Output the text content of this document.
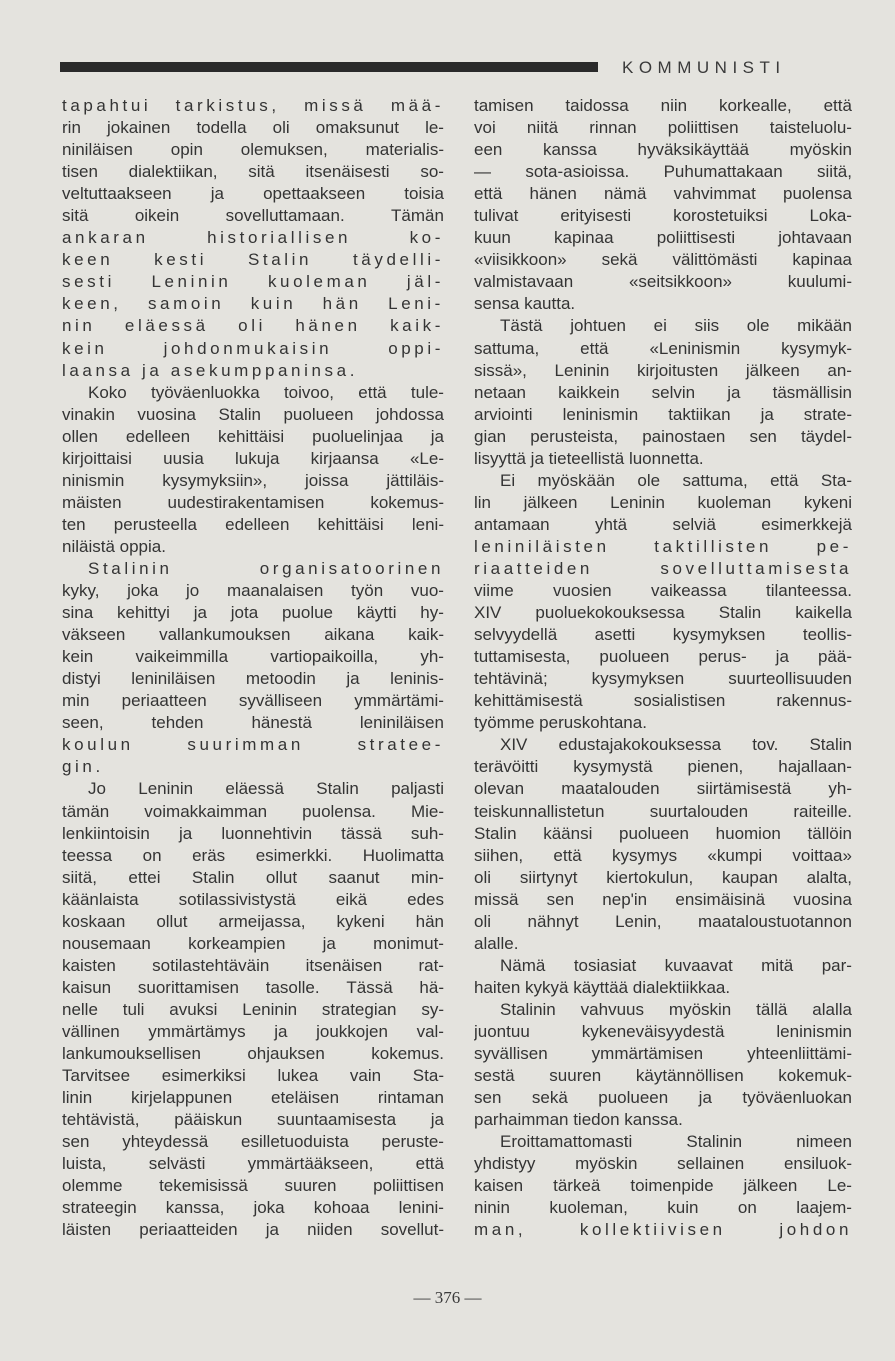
KOMMUNISTI
tapahtui tarkistus, missä mää-
rin jokainen todella oli omaksunut le-
niniläisen opin olemuksen, materialis-
tisen dialektiikan, sitä itsenäisesti so-
veltuttaakseen ja opettaakseen toisia
sitä	oikein	sovelluttamaan.	Tämän
ankaran	historiallisen	ko-
keen kesti Stalin täydelli-
sesti Leninin kuoleman jäl-
keen, samoin kuin hän Leni-
nin eläessä oli hänen kaik-
kein	johdonmukaisin	oppi-
laansa ja asekumppaninsa.
Koko työväenluokka toivoo, että tule-
vinakin vuosina Stalin puolueen johdossa
ollen edelleen kehittäisi puoluelinjaa ja
kirjoittaisi uusia lukuja kirjaansa «Le-
ninismin kysymyksiin», joissa jättiläis-
mäisten	uudestirakentamisen	kokemus-
ten perusteella edelleen kehittäisi leni-
niläistä oppia.
Stalinin	organisatoorinen
kyky, joka jo maanalaisen työn vuo-
sina kehittyi ja jota puolue käytti hy-
väkseen vallankumouksen aikana kaik-
kein vaikeimmilla vartiopaikoilla, yh-
distyi leniniläisen metoodin ja leninis-
min periaatteen syvälliseen ymmärtämi-
seen,	tehden	hänestä	leniniläisen
koulun	suurimman	stratee-
gin.
Jo Leninin eläessä Stalin paljasti
tämän voimakkaimman puolensa. Mie-
lenkiintoisin ja luonnehtivin tässä suh-
teessa on eräs esimerkki. Huolimatta
siitä, ettei Stalin ollut saanut min-
käänlaista sotilassivistystä eikä edes
koskaan ollut armeijassa, kykeni hän
nousemaan korkeampien ja monimut-
kaisten sotilastehtäväin itsenäisen rat-
kaisun suorittamisen tasolle. Tässä hä-
nelle tuli avuksi Leninin strategian sy-
vällinen ymmärtämys ja joukkojen val-
lankumouksellisen	ohjauksen	kokemus.
Tarvitsee esimerkiksi lukea vain Sta-
linin kirjelappunen eteläisen rintaman
tehtävistä, pääiskun suuntaamisesta ja
sen yhteydessä esilletuoduista peruste-
luista, selvästi ymmärtääkseen, että
olemme tekemisissä suuren poliittisen
strateegin kanssa, joka kohoaa lenini-
läisten periaatteiden ja niiden sovellut-
tamisen taidossa niin korkealle, että
voi niitä rinnan poliittisen taisteluolu-
een kanssa hyväksikäyttää myöskin
— sota-asioissa. Puhumattakaan siitä,
että hänen nämä vahvimmat puolensa
tulivat erityisesti korostetuiksi Loka-
kuun	kapinaa	poliittisesti	johtavaan
«viisikkoon» sekä välittömästi kapinaa
valmistavaan	«seitsikkoon»	kuulumi-
sensa kautta.
Tästä johtuen ei siis ole mikään
sattuma, että «Leninismin kysymyk-
sissä», Leninin kirjoitusten jälkeen an-
netaan kaikkein selvin ja täsmällisin
arviointi leninismin taktiikan ja strate-
gian perusteista, painostaen sen täydel-
lisyyttä ja tieteellistä luonnetta.
Ei myöskään ole sattuma, että Sta-
lin jälkeen Leninin kuoleman kykeni
antamaan	yhtä	selviä	esimerkkejä
leniniläisten	taktillisten	pe-
riaatteiden	sovelluttamisesta
viime vuosien vaikeassa tilanteessa.
XIV puoluekokouksessa Stalin kaikella
selvyydellä asetti kysymyksen teollis-
tuttamisesta, puolueen perus- ja pää-
tehtävinä;	kysymyksen	suurteollisuuden
kehittämisestä	sosialistisen	rakennus-
työmme peruskohtana.
XIV edustajakokouksessa tov. Stalin
terävöitti kysymystä pienen, hajallaan-
olevan maatalouden siirtämisestä yh-
teiskunnallistetun	suurtalouden	raiteille.
Stalin käänsi puolueen huomion tällöin
siihen, että kysymys «kumpi voittaa»
oli siirtynyt kiertokulun, kaupan alalta,
missä sen nep'in ensimäisinä vuosina
oli nähnyt Lenin, maataloustuotannon
alalle.
Nämä tosiasiat kuvaavat mitä par-
haiten kykyä käyttää dialektiikkaa.
Stalinin vahvuus myöskin tällä alalla
juontuu	kykeneväisyydestä	leninismin
syvällisen	ymmärtämisen	yhteenliittämi-
sestä suuren käytännöllisen kokemuk-
sen sekä puolueen ja työväenluokan
parhaimman tiedon kanssa.
Eroittamattomasti	Stalinin	nimeen
yhdistyy myöskin sellainen ensiluok-
kaisen tärkeä toimenpide jälkeen Le-
ninin kuoleman, kuin on laajem-
man,	kollektiivisen	johdon
— 376 —
